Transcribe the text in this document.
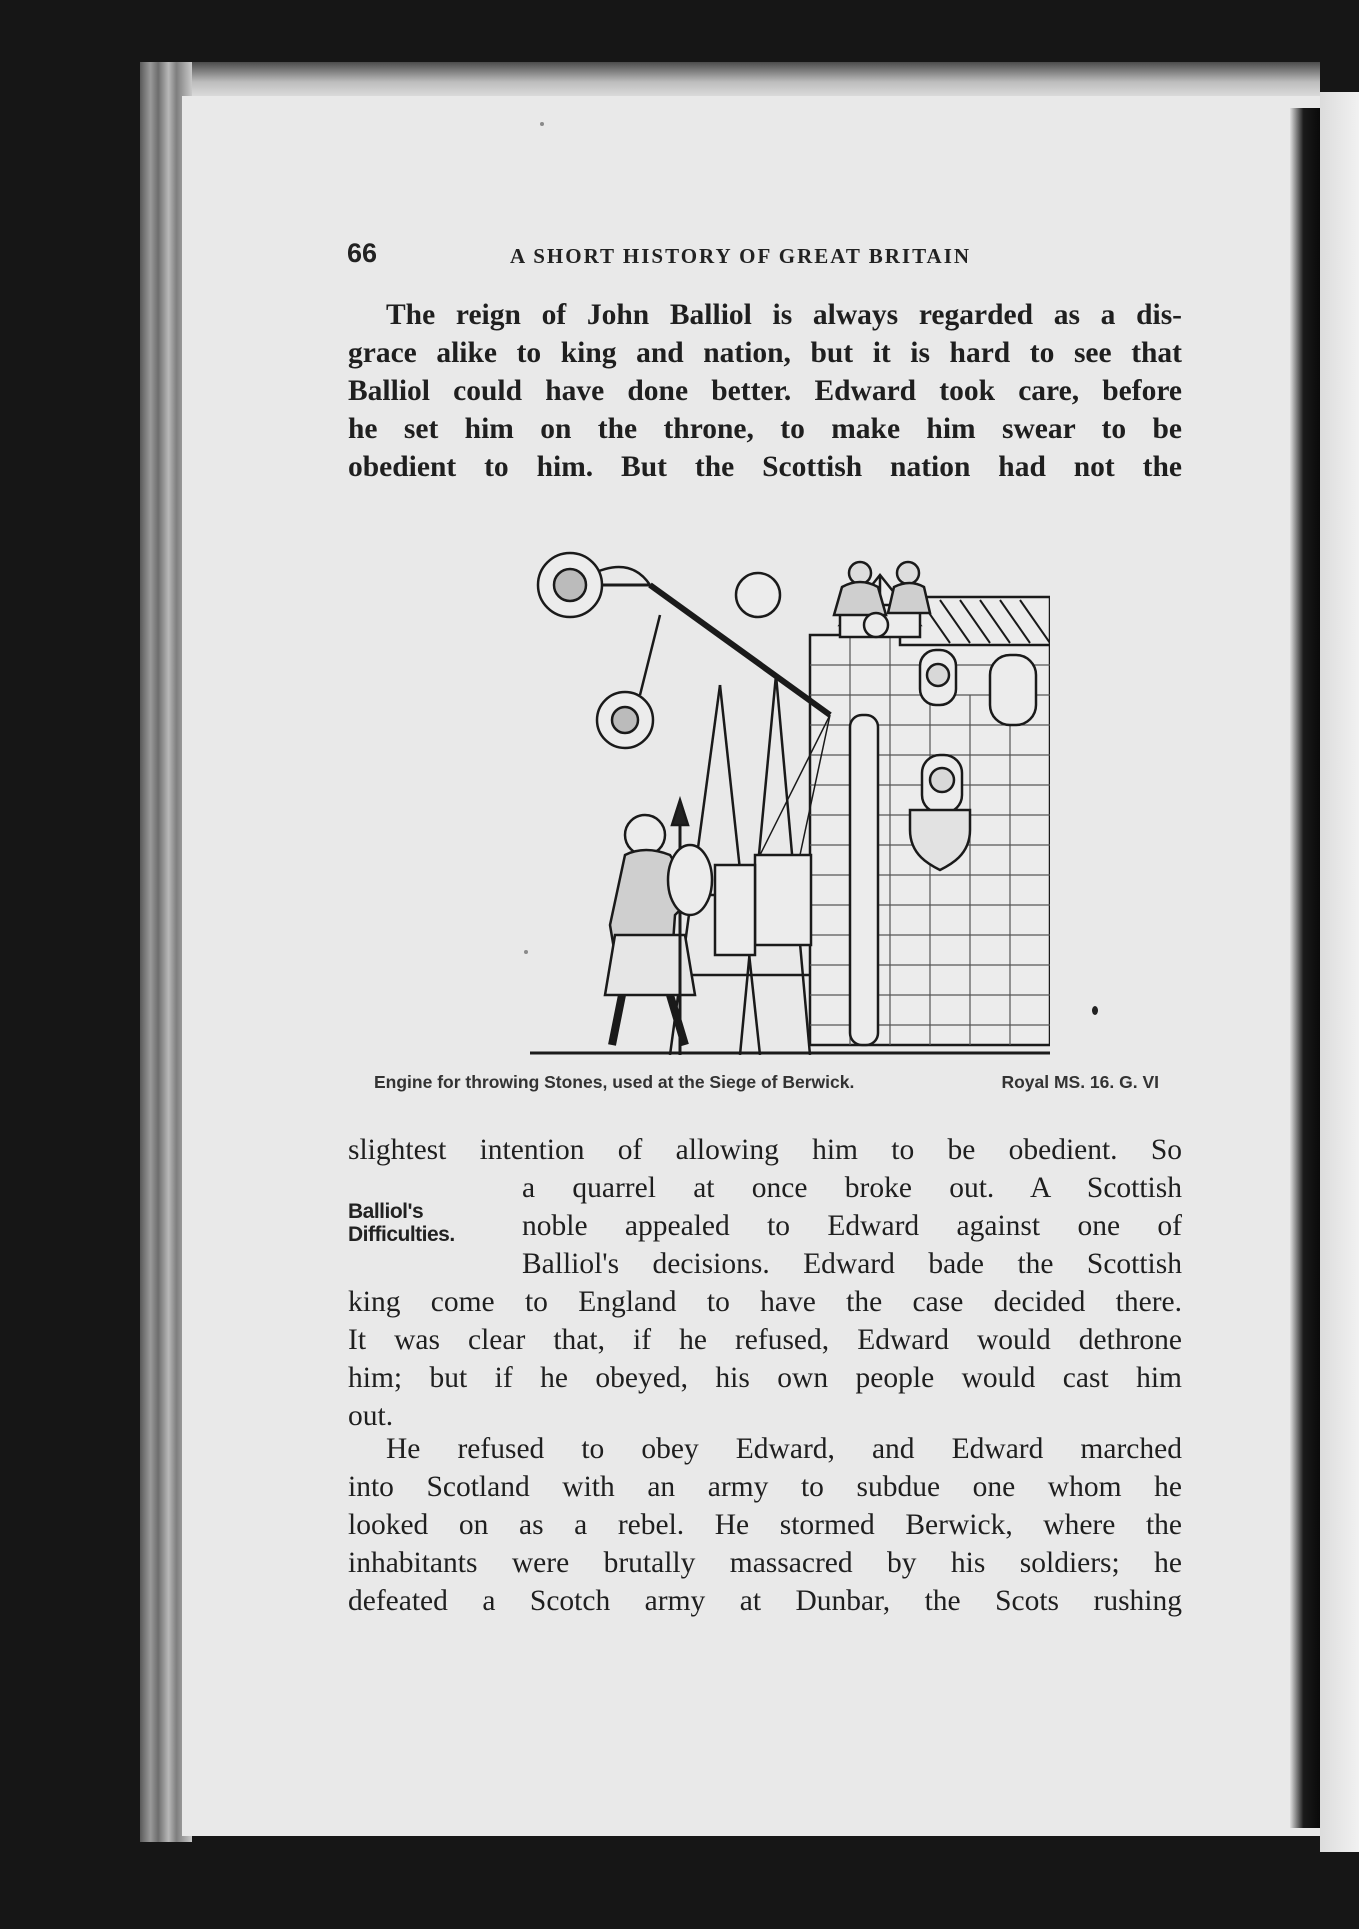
66	A SHORT HISTORY OF GREAT BRITAIN
The reign of John Balliol is always regarded as a dis-
grace alike to king and nation, but it is hard to see that
Balliol could have done better. Edward took care, before
he set him on the throne, to make him swear to be
obedient to him. But the Scottish nation had not the
Engine for throwing Stones, used at the Siege of Berwick.	Royal MS. 16. G. VI
Balliol's
Difficulties.
slightest intention of allowing him to be obedient. So
a quarrel at once broke out. A Scottish
noble appealed to Edward against one of
Balliol's decisions. Edward bade the Scottish
king come to England to have the case decided there.
It was clear that, if he refused, Edward would dethrone
him; but if he obeyed, his own people would cast him
out.
He refused to obey Edward, and Edward marched
into Scotland with an army to subdue one whom he
looked on as a rebel. He stormed Berwick, where the
inhabitants were brutally massacred by his soldiers; he
defeated a Scotch army at Dunbar, the Scots rushing
